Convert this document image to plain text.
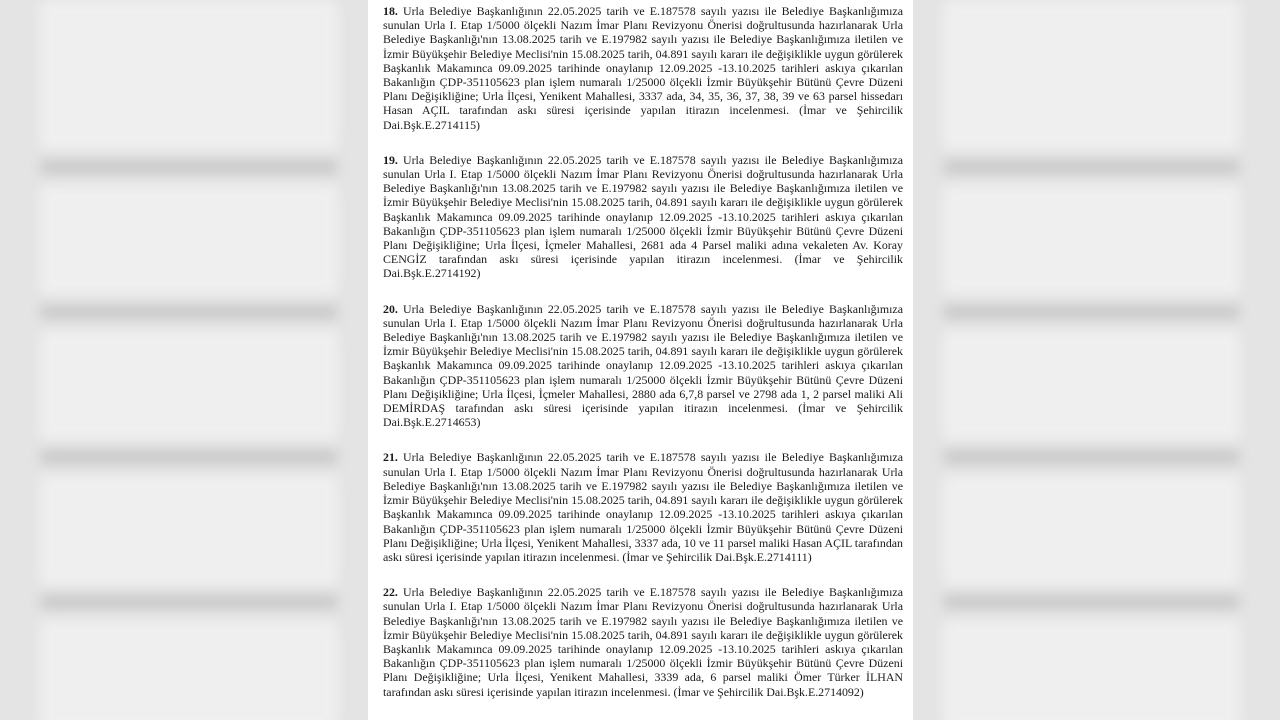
18. Urla Belediye Başkanlığının 22.05.2025 tarih ve E.187578 sayılı yazısı ile Belediye Başkanlığımıza sunulan Urla I. Etap 1/5000 ölçekli Nazım İmar Planı Revizyonu Önerisi doğrultusunda hazırlanarak Urla Belediye Başkanlığı'nın 13.08.2025 tarih ve E.197982 sayılı yazısı ile Belediye Başkanlığımıza iletilen ve İzmir Büyükşehir Belediye Meclisi'nin 15.08.2025 tarih, 04.891 sayılı kararı ile değişiklikle uygun görülerek Başkanlık Makamınca 09.09.2025 tarihinde onaylanıp 12.09.2025 -13.10.2025 tarihleri askıya çıkarılan Bakanlığın ÇDP-351105623 plan işlem numaralı 1/25000 ölçekli İzmir Büyükşehir Bütünü Çevre Düzeni Planı Değişikliğine; Urla İlçesi, Yenikent Mahallesi, 3337 ada, 34, 35, 36, 37, 38, 39 ve 63 parsel hissedarı Hasan AÇIL tarafından askı süresi içerisinde yapılan itirazın incelenmesi. (İmar ve Şehircilik Dai.Bşk.E.2714115)

19. Urla Belediye Başkanlığının 22.05.2025 tarih ve E.187578 sayılı yazısı ile Belediye Başkanlığımıza sunulan Urla I. Etap 1/5000 ölçekli Nazım İmar Planı Revizyonu Önerisi doğrultusunda hazırlanarak Urla Belediye Başkanlığı'nın 13.08.2025 tarih ve E.197982 sayılı yazısı ile Belediye Başkanlığımıza iletilen ve İzmir Büyükşehir Belediye Meclisi'nin 15.08.2025 tarih, 04.891 sayılı kararı ile değişiklikle uygun görülerek Başkanlık Makamınca 09.09.2025 tarihinde onaylanıp 12.09.2025 -13.10.2025 tarihleri askıya çıkarılan Bakanlığın ÇDP-351105623 plan işlem numaralı 1/25000 ölçekli İzmir Büyükşehir Bütünü Çevre Düzeni Planı Değişikliğine; Urla İlçesi, İçmeler Mahallesi, 2681 ada 4 Parsel maliki adına vekaleten Av. Koray CENGİZ tarafından askı süresi içerisinde yapılan itirazın incelenmesi. (İmar ve Şehircilik Dai.Bşk.E.2714192)

20. Urla Belediye Başkanlığının 22.05.2025 tarih ve E.187578 sayılı yazısı ile Belediye Başkanlığımıza sunulan Urla I. Etap 1/5000 ölçekli Nazım İmar Planı Revizyonu Önerisi doğrultusunda hazırlanarak Urla Belediye Başkanlığı'nın 13.08.2025 tarih ve E.197982 sayılı yazısı ile Belediye Başkanlığımıza iletilen ve İzmir Büyükşehir Belediye Meclisi'nin 15.08.2025 tarih, 04.891 sayılı kararı ile değişiklikle uygun görülerek Başkanlık Makamınca 09.09.2025 tarihinde onaylanıp 12.09.2025 -13.10.2025 tarihleri askıya çıkarılan Bakanlığın ÇDP-351105623 plan işlem numaralı 1/25000 ölçekli İzmir Büyükşehir Bütünü Çevre Düzeni Planı Değişikliğine; Urla İlçesi, İçmeler Mahallesi, 2880 ada 6,7,8 parsel ve 2798 ada 1, 2 parsel maliki Ali DEMİRDAŞ tarafından askı süresi içerisinde yapılan itirazın incelenmesi. (İmar ve Şehircilik Dai.Bşk.E.2714653)

21. Urla Belediye Başkanlığının 22.05.2025 tarih ve E.187578 sayılı yazısı ile Belediye Başkanlığımıza sunulan Urla I. Etap 1/5000 ölçekli Nazım İmar Planı Revizyonu Önerisi doğrultusunda hazırlanarak Urla Belediye Başkanlığı'nın 13.08.2025 tarih ve E.197982 sayılı yazısı ile Belediye Başkanlığımıza iletilen ve İzmir Büyükşehir Belediye Meclisi'nin 15.08.2025 tarih, 04.891 sayılı kararı ile değişiklikle uygun görülerek Başkanlık Makamınca 09.09.2025 tarihinde onaylanıp 12.09.2025 -13.10.2025 tarihleri askıya çıkarılan Bakanlığın ÇDP-351105623 plan işlem numaralı 1/25000 ölçekli İzmir Büyükşehir Bütünü Çevre Düzeni Planı Değişikliğine; Urla İlçesi, Yenikent Mahallesi, 3337 ada, 10 ve 11 parsel maliki Hasan AÇIL tarafından askı süresi içerisinde yapılan itirazın incelenmesi. (İmar ve Şehircilik Dai.Bşk.E.2714111)

22. Urla Belediye Başkanlığının 22.05.2025 tarih ve E.187578 sayılı yazısı ile Belediye Başkanlığımıza sunulan Urla I. Etap 1/5000 ölçekli Nazım İmar Planı Revizyonu Önerisi doğrultusunda hazırlanarak Urla Belediye Başkanlığı'nın 13.08.2025 tarih ve E.197982 sayılı yazısı ile Belediye Başkanlığımıza iletilen ve İzmir Büyükşehir Belediye Meclisi'nin 15.08.2025 tarih, 04.891 sayılı kararı ile değişiklikle uygun görülerek Başkanlık Makamınca 09.09.2025 tarihinde onaylanıp 12.09.2025 -13.10.2025 tarihleri askıya çıkarılan Bakanlığın ÇDP-351105623 plan işlem numaralı 1/25000 ölçekli İzmir Büyükşehir Bütünü Çevre Düzeni Planı Değişikliğine; Urla İlçesi, Yenikent Mahallesi, 3339 ada, 6 parsel maliki Ömer Türker İLHAN tarafından askı süresi içerisinde yapılan itirazın incelenmesi. (İmar ve Şehircilik Dai.Bşk.E.2714092)
